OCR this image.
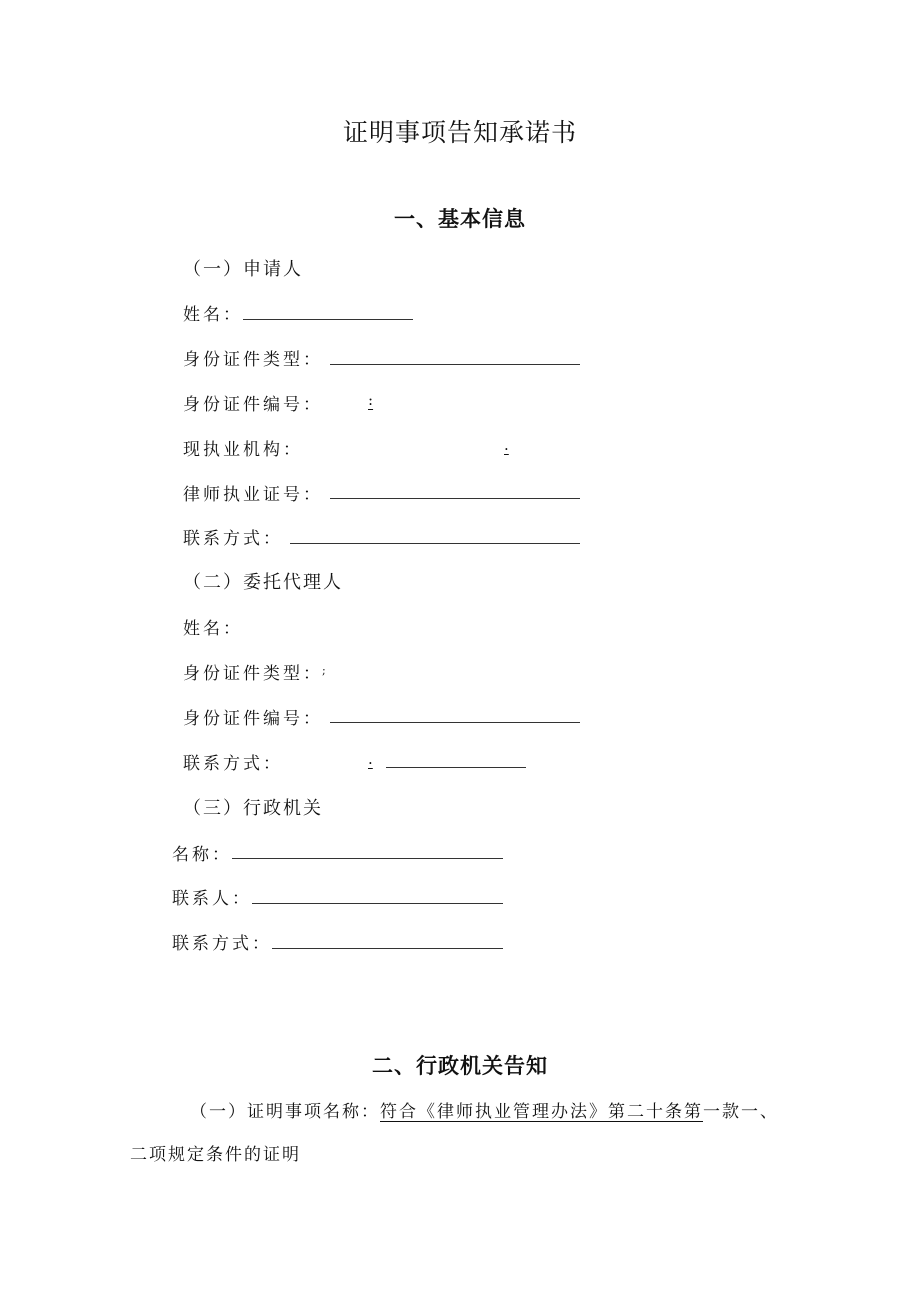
证明事项告知承诺书
一、基本信息
（一）申请人
姓名：
身份证件类型：
身份证件编号：	:
现执业机构：	.
律师执业证号：
联系方式：
（二）委托代理人
姓名：
身份证件类型： ;
身份证件编号：
联系方式：	.
（三）行政机关
名称：
联系人：
联系方式：
二、行政机关告知
（一）证明事项名称：符合《律师执业管理办法》第二十条第一款一、
二项规定条件的证明
